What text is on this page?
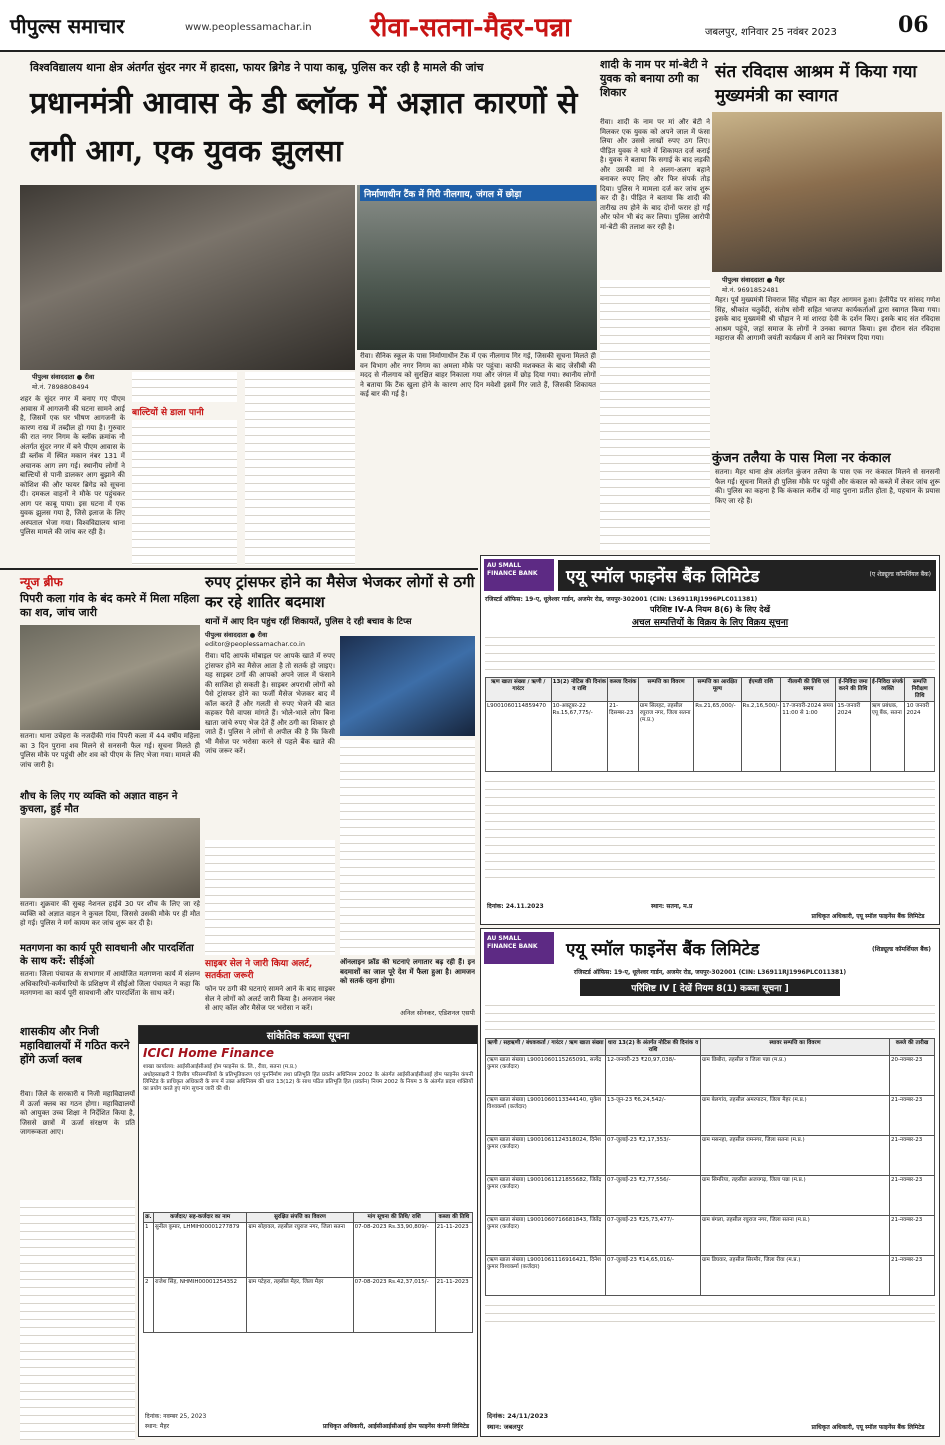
पीपुल्स समाचार	www.peoplessamachar.in रीवा-सतना-मैहर-पन्ना	जबलपुर, शनिवार 25 नवंबर 2023	06
विश्वविद्यालय थाना क्षेत्र अंतर्गत सुंदर नगर में हादसा, फायर ब्रिगेड ने पाया काबू, पुलिस कर रही है मामले की जांच
प्रधानमंत्री आवास के डी ब्लॉक में अज्ञात कारणों से लगी आग, एक युवक झुलसा
निर्माणाधीन टैंक में गिरी नीलगाय, जंगल में छोड़ा
पीपुल्स संवाददाता ● रीवा
मो.नं. 7898808494
शहर के सुंदर नगर में बनाए गए पीएम आवास में आगजनी की घटना सामने आई है, जिसमें एक घर भीषण आगजनी के कारण राख में तब्दील हो गया है। गुरुवार की रात नगर निगम के ब्लॉक क्रमांक नौ अंतर्गत सुंदर नगर में बने पीएम आवास के डी ब्लॉक में स्थित मकान नंबर 131 में अचानक आग लग गई। स्थानीय लोगों ने बाल्टियों से पानी डालकर आग बुझाने की कोशिश की और फायर ब्रिगेड को सूचना दी। दमकल वाहनों ने मौके पर पहुंचकर आग पर काबू पाया। इस घटना में एक युवक झुलस गया है, जिसे इलाज के लिए अस्पताल भेजा गया। विश्वविद्यालय थाना पुलिस मामले की जांच कर रही है।
बाल्टियों से डाला पानी
रीवा। सैनिक स्कूल के पास निर्माणाधीन टैंक में एक नीलगाय गिर गई, जिसकी सूचना मिलते ही वन विभाग और नगर निगम का अमला मौके पर पहुंचा। काफी मशक्कत के बाद जेसीबी की मदद से नीलगाय को सुरक्षित बाहर निकाला गया और जंगल में छोड़ दिया गया। स्थानीय लोगों ने बताया कि टैंक खुला होने के कारण आए दिन मवेशी इसमें गिर जाते हैं, जिसकी शिकायत कई बार की गई है।
शादी के नाम पर मां-बेटी ने युवक को बनाया ठगी का शिकार
रीवा। शादी के नाम पर मां और बेटी ने मिलकर एक युवक को अपने जाल में फंसा लिया और उससे लाखों रुपए ठग लिए। पीड़ित युवक ने थाने में शिकायत दर्ज कराई है। युवक ने बताया कि सगाई के बाद लड़की और उसकी मां ने अलग-अलग बहाने बनाकर रुपए लिए और फिर संपर्क तोड़ दिया। पुलिस ने मामला दर्ज कर जांच शुरू कर दी है। पीड़ित ने बताया कि शादी की तारीख तय होने के बाद दोनों फरार हो गईं और फोन भी बंद कर लिया। पुलिस आरोपी मां-बेटी की तलाश कर रही है।
संत रविदास आश्रम में किया गया मुख्यमंत्री का स्वागत
पीपुल्स संवाददाता ● मैहर
मो.नं. 9691852481
मैहर। पूर्व मुख्यमंत्री शिवराज सिंह चौहान का मैहर आगमन हुआ। हेलीपैड पर सांसद गणेश सिंह, श्रीकांत चतुर्वेदी, संतोष सोनी सहित भाजपा कार्यकर्ताओं द्वारा स्वागत किया गया। इसके बाद मुख्यमंत्री श्री चौहान ने मां शारदा देवी के दर्शन किए। इसके बाद संत रविदास आश्रम पहुंचे, जहां समाज के लोगों ने उनका स्वागत किया। इस दौरान संत रविदास महाराज की आगामी जयंती कार्यक्रम में आने का निमंत्रण दिया गया।
कुंजन तलैया के पास मिला नर कंकाल
सतना। मैहर थाना क्षेत्र अंतर्गत कुंजन तलैया के पास एक नर कंकाल मिलने से सनसनी फैल गई। सूचना मिलते ही पुलिस मौके पर पहुंची और कंकाल को कब्जे में लेकर जांच शुरू की। पुलिस का कहना है कि कंकाल करीब दो माह पुराना प्रतीत होता है, पहचान के प्रयास किए जा रहे हैं।
न्यूज ब्रीफ
पिपरी कला गांव के बंद कमरे में मिला महिला का शव, जांच जारी
सतना। थाना उचेहरा के नजदीकी गांव पिपरी कला में 44 वर्षीय महिला का 3 दिन पुराना शव मिलने से सनसनी फैल गई। सूचना मिलते ही पुलिस मौके पर पहुंची और शव को पीएम के लिए भेजा गया। मामले की जांच जारी है।
शौच के लिए गए व्यक्ति को अज्ञात वाहन ने कुचला, हुई मौत
सतना। शुक्रवार की सुबह नेशनल हाईवे 30 पर शौच के लिए जा रहे व्यक्ति को अज्ञात वाहन ने कुचल दिया, जिससे उसकी मौके पर ही मौत हो गई। पुलिस ने मर्ग कायम कर जांच शुरू कर दी है।
मतगणना का कार्य पूरी सावधानी और पारदर्शिता के साथ करें: सीईओ
सतना। जिला पंचायत के सभागार में आयोजित मतगणना कार्य में संलग्न अधिकारियों-कर्मचारियों के प्रशिक्षण में सीईओ जिला पंचायत ने कहा कि मतगणना का कार्य पूरी सावधानी और पारदर्शिता के साथ करें।
शासकीय और निजी महाविद्यालयों में गठित करने होंगे ऊर्जा क्लब
रीवा। जिले के सरकारी व निजी महाविद्यालयों में ऊर्जा क्लब का गठन होगा। महाविद्यालयों को आयुक्त उच्च शिक्षा ने निर्देशित किया है, जिससे छात्रों में ऊर्जा संरक्षण के प्रति जागरूकता आए।
रुपए ट्रांसफर होने का मैसेज भेजकर लोगों से ठगी कर रहे शातिर बदमाश
थानों में आए दिन पहुंच रहीं शिकायतें, पुलिस दे रही बचाव के टिप्स
पीपुल्स संवाददाता ● रीवा
editor@peoplessamachar.co.in
रीवा। यदि आपके मोबाइल पर आपके खाते में रुपए ट्रांसफर होने का मैसेज आता है तो सतर्क हो जाइए। यह साइबर ठगों की आपको अपने जाल में फंसाने की साजिश हो सकती है। साइबर अपराधी लोगों को पैसे ट्रांसफर होने का फर्जी मैसेज भेजकर बाद में कॉल करते हैं और गलती से रुपए भेजने की बात कहकर पैसे वापस मांगते हैं। भोले-भाले लोग बिना खाता जांचे रुपए भेज देते हैं और ठगी का शिकार हो जाते हैं। पुलिस ने लोगों से अपील की है कि किसी भी मैसेज पर भरोसा करने से पहले बैंक खाते की जांच जरूर करें।
साइबर सेल ने जारी किया अलर्ट, सतर्कता जरूरी
फोन पर ठगी की घटनाएं सामने आने के बाद साइबर सेल ने लोगों को अलर्ट जारी किया है। अनजान नंबर से आए कॉल और मैसेज पर भरोसा न करें।
ऑनलाइन फ्रॉड की घटनाएं लगातार बढ़ रही हैं। इन बदमाशों का जाल पूरे देश में फैला हुआ है। आमजन को सतर्क रहना होगा।
अनिल सोनकर, एडिशनल एसपी
सांकेतिक कब्जा सूचना
ICICI Home Finance
शाखा कार्यालय: आईसीआईसीआई होम फाइनेंस कं. लि., रीवा, सतना (म.प्र.)
अधोहस्ताक्षरी ने वित्तीय परिसम्पत्तियों के प्रतिभूतिकरण एवं पुनर्निर्माण तथा प्रतिभूति हित प्रवर्तन अधिनियम 2002 के अंतर्गत आईसीआईसीआई होम फाइनेंस कंपनी लिमिटेड के प्राधिकृत अधिकारी के रूप में उक्त अधिनियम की धारा 13(12) के साथ पठित प्रतिभूति हित (प्रवर्तन) नियम 2002 के नियम 3 के अंतर्गत प्रदत्त शक्तियों का प्रयोग करते हुए मांग सूचना जारी की थी।
क्र.	कर्जदार/ सह-कर्जदार का नाम	सुरक्षित संपत्ति का विवरण	मांग सूचना की तिथि/ राशि	कब्जा की तिथि
1	सुनील कुमार, LHMIH00001277879	ग्राम सोहावल, तहसील रघुराज नगर, जिला सतना	07-08-2023 Rs.33,90,809/-	21-11-2023
2	राजेश सिंह, NHMIH00001254352	ग्राम पटेहरा, तहसील मैहर, जिला मैहर	07-08-2023 Rs.42,37,015/-	21-11-2023
दिनांक: नवम्बर 25, 2023
स्थान: मैहर	प्राधिकृत अधिकारी, आईसीआईसीआई होम फाइनेंस कंपनी लिमिटेड
AU SMALL FINANCE BANK	एयू स्मॉल फाइनेंस बैंक लिमिटेड	(ए शेड्यूल्ड कॉमर्शियल बैंक)
रजिस्टर्ड ऑफिस: 19-ए, धूलेश्वर गार्डन, अजमेर रोड, जयपुर-302001 (CIN: L36911RJ1996PLC011381)
परिशिष्ट IV-A नियम 8(6) के लिए देखें
अचल सम्पत्तियों के विक्रय के लिए विक्रय सूचना
ऋण खाता संख्या / ऋणी / गारंटर	13(2) नोटिस की दिनांक व राशि	कब्जा दिनांक	सम्पत्ति का विवरण	सम्पत्ति का आरक्षित मूल्य	ईएमडी राशि	नीलामी की तिथि एवं समय	ई-निविदा जमा करने की तिथि	ई-निविदा संपर्क व्यक्ति	सम्पत्ति निरीक्षण तिथि
L9001060114859470	10-अक्टूबर-22 Rs.15,67,775/-	21-दिसम्बर-23	ग्राम सिलहट, तहसील रघुराज नगर, जिला सतना (म.प्र.)	Rs.21,65,000/-	Rs.2,16,500/-	17-जनवरी-2024 समय 11:00 से 1:00	15-जनवरी 2024	ऋण प्रबंधक, एयू बैंक, सतना	10 जनवरी 2024
दिनांक: 24.11.2023	स्थान: सतना, म.प्र
प्राधिकृत अधिकारी, एयू स्मॉल फाइनेंस बैंक लिमिटेड
AU SMALL FINANCE BANK	एयू स्मॉल फाइनेंस बैंक लिमिटेड	(शिड्यूल्ड कॉमर्शियल बैंक)
रजिस्टर्ड ऑफिस: 19-ए, धूलेश्वर गार्डन, अजमेर रोड, जयपुर-302001 (CIN: L36911RJ1996PLC011381)
परिशिष्ट IV [ देखें नियम 8(1) कब्जा सूचना ]
ऋणी / सहऋणी / बंधककर्ता / गारंटर / ऋण खाता संख्या	धारा 13(2) के अंतर्गत नोटिस की दिनांक व राशि	स्थावर सम्पत्ति का विवरण	कब्जे की तारीख
(ऋण खाता संख्या) L9001060115265091, सत्येंद्र कुमार (कर्जदार)	12-जनवरी-23 ₹20,97,038/-	ग्राम छिबौरा, तहसील व जिला पन्ना (म.प्र.)	20-नवम्बर-23
(ऋण खाता संख्या) L9001060113344140, मुकेश विश्वकर्मा (कर्जदार)	13-जून-23 ₹6,24,542/-	ग्राम बेलगांव, तहसील अमरपाटन, जिला मैहर (म.प्र.)	21-नवम्बर-23
(ऋण खाता संख्या) L9001061124318024, दिनेश कुमार (कर्जदार)	07-जुलाई-23 ₹2,17,353/-	ग्राम मसनहा, तहसील रामनगर, जिला सतना (म.प्र.)	21-नवम्बर-23
(ऋण खाता संख्या) L9001061121855682, जितेंद्र कुमार (कर्जदार)	07-जुलाई-23 ₹2,77,556/-	ग्राम सिमरिया, तहसील अजयगढ़, जिला पन्ना (म.प्र.)	21-नवम्बर-23
(ऋण खाता संख्या) L9001060716681843, जितेंद्र कुमार (कर्जदार)	07-जुलाई-23 ₹25,73,477/-	ग्राम बंगला, तहसील रघुराज नगर, जिला सतना (म.प्र.)	21-नवम्बर-23
(ऋण खाता संख्या) L9001061116916421, दिनेश कुमार विश्वकर्मा (कर्जदार)	07-जुलाई-23 ₹14,65,016/-	ग्राम डिघवार, तहसील सिरमौर, जिला रीवा (म.प्र.)	21-नवम्बर-23
दिनांक: 24/11/2023
स्थान: जबलपुर	प्राधिकृत अधिकारी, एयू स्मॉल फाइनेंस बैंक लिमिटेड
